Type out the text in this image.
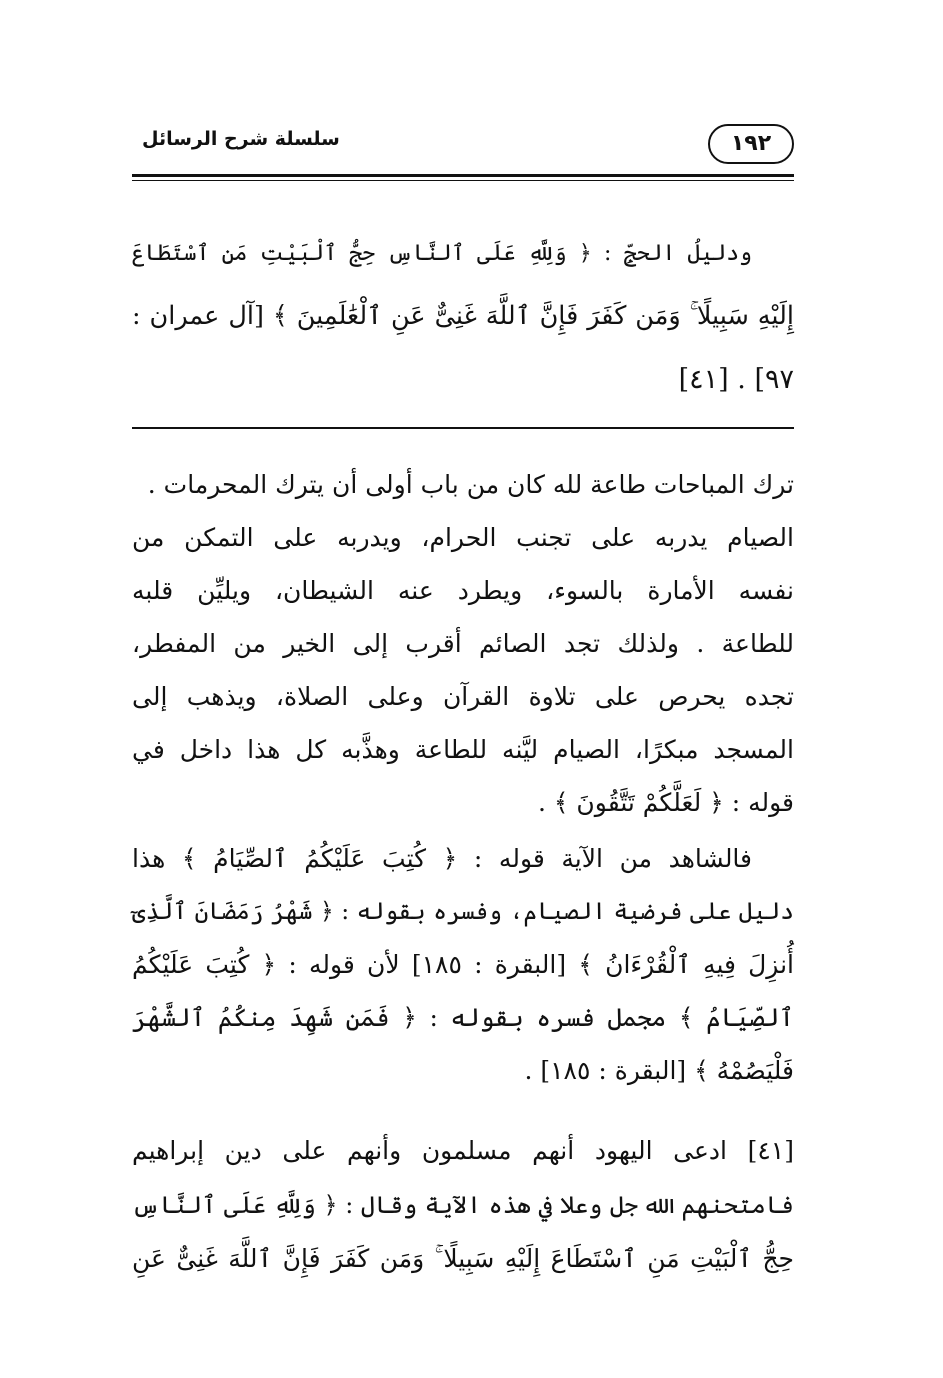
١٩٢
سلسلة شرح الرسائل
ودليلُ الحجِّ : ﴿ وَلِلَّهِ عَلَى ٱلنَّاسِ حِجُّ ٱلْبَيْتِ مَنِ ٱسْتَطَاعَ
إِلَيْهِ سَبِيلًا ۚ وَمَن كَفَرَ فَإِنَّ ٱللَّهَ غَنِىٌّ عَنِ ٱلْعَٰلَمِينَ ﴾ [آل عمران :
٩٧] . [٤١]
ترك المباحات طاعة لله كان من باب أولى أن يترك المحرمات .
الصيام يدربه على تجنب الحرام، ويدربه على التمكن من
نفسه الأمارة بالسوء، ويطرد عنه الشيطان، ويليِّن قلبه
للطاعة . ولذلك تجد الصائم أقرب إلى الخير من المفطر،
تجده يحرص على تلاوة القرآن وعلى الصلاة، ويذهب إلى
المسجد مبكرًا، الصيام ليَّنه للطاعة وهذَّبه كل هذا داخل في
قوله : ﴿ لَعَلَّكُمْ تَتَّقُونَ ﴾ .
فالشاهد من الآية قوله : ﴿ كُتِبَ عَلَيْكُمُ ٱلصِّيَامُ ﴾ هذا
دليل على فرضية الصيام، وفسره بقوله : ﴿ شَهْرُ رَمَضَانَ ٱلَّذِىٓ
أُنزِلَ فِيهِ ٱلْقُرْءَانُ ﴾ [البقرة : ١٨٥] لأن قوله : ﴿ كُتِبَ عَلَيْكُمُ
ٱلصِّيَامُ ﴾ مجمل فسره بقوله : ﴿ فَمَن شَهِدَ مِنكُمُ ٱلشَّهْرَ
فَلْيَصُمْهُ ﴾ [البقرة : ١٨٥] .
[٤١] ادعى اليهود أنهم مسلمون وأنهم على دين إبراهيم
فامتحنهم الله جل وعلا في هذه الآية وقال : ﴿ وَلِلَّهِ عَلَى ٱلنَّاسِ
حِجُّ ٱلْبَيْتِ مَنِ ٱسْتَطَاعَ إِلَيْهِ سَبِيلًا ۚ وَمَن كَفَرَ فَإِنَّ ٱللَّهَ غَنِىٌّ عَنِ
